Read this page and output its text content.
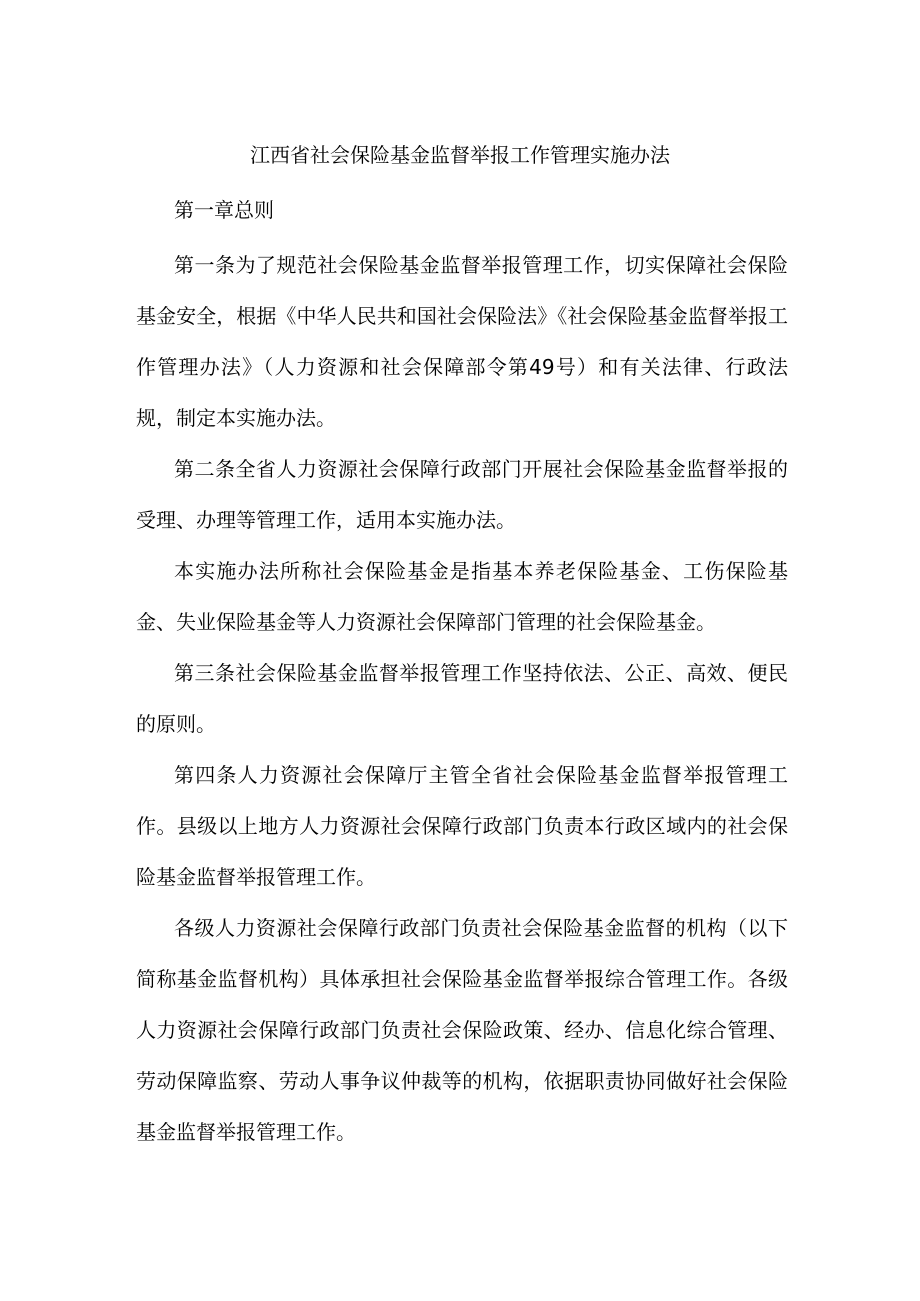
江西省社会保险基金监督举报工作管理实施办法
第一章总则

第一条为了规范社会保险基金监督举报管理工作，切实保障社会保险基金安全，根据《中华人民共和国社会保险法》《社会保险基金监督举报工作管理办法》（人力资源和社会保障部令第49号）和有关法律、行政法规，制定本实施办法。

第二条全省人力资源社会保障行政部门开展社会保险基金监督举报的受理、办理等管理工作，适用本实施办法。

本实施办法所称社会保险基金是指基本养老保险基金、工伤保险基金、失业保险基金等人力资源社会保障部门管理的社会保险基金。

第三条社会保险基金监督举报管理工作坚持依法、公正、高效、便民的原则。

第四条人力资源社会保障厅主管全省社会保险基金监督举报管理工作。县级以上地方人力资源社会保障行政部门负责本行政区域内的社会保险基金监督举报管理工作。

各级人力资源社会保障行政部门负责社会保险基金监督的机构（以下简称基金监督机构）具体承担社会保险基金监督举报综合管理工作。各级人力资源社会保障行政部门负责社会保险政策、经办、信息化综合管理、劳动保障监察、劳动人事争议仲裁等的机构，依据职责协同做好社会保险基金监督举报管理工作。
